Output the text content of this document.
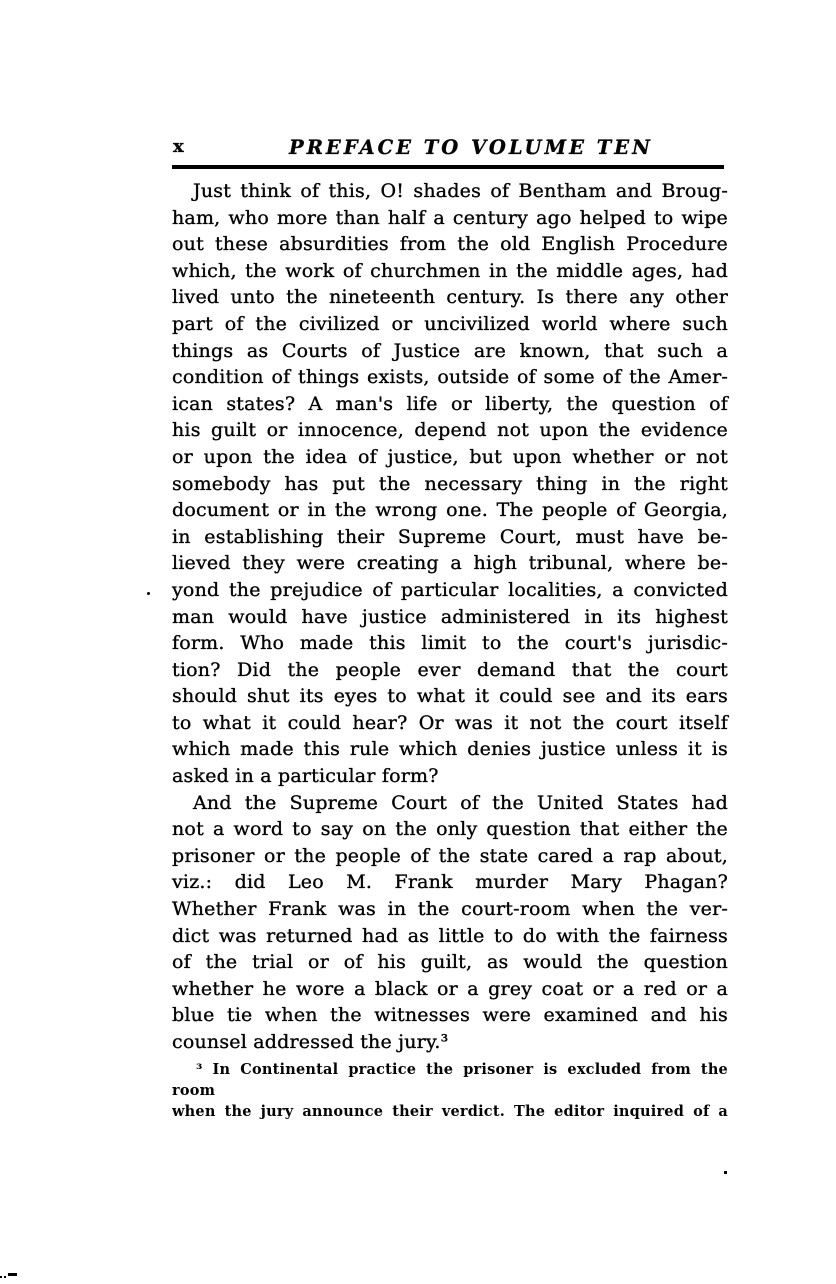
x	PREFACE TO VOLUME TEN
Just think of this, O! shades of Bentham and Broug-
ham, who more than half a century ago helped to wipe
out these absurdities from the old English Procedure
which, the work of churchmen in the middle ages, had
lived unto the nineteenth century. Is there any other
part of the civilized or uncivilized world where such
things as Courts of Justice are known, that such a
condition of things exists, outside of some of the Amer-
ican states? A man's life or liberty, the question of
his guilt or innocence, depend not upon the evidence
or upon the idea of justice, but upon whether or not
somebody has put the necessary thing in the right
document or in the wrong one. The people of Georgia,
in establishing their Supreme Court, must have be-
lieved they were creating a high tribunal, where be-
yond the prejudice of particular localities, a convicted
man would have justice administered in its highest
form. Who made this limit to the court's jurisdic-
tion? Did the people ever demand that the court
should shut its eyes to what it could see and its ears
to what it could hear? Or was it not the court itself
which made this rule which denies justice unless it is
asked in a particular form?
And the Supreme Court of the United States had
not a word to say on the only question that either the
prisoner or the people of the state cared a rap about,
viz.: did Leo M. Frank murder Mary Phagan?
Whether Frank was in the court-room when the ver-
dict was returned had as little to do with the fairness
of the trial or of his guilt, as would the question
whether he wore a black or a grey coat or a red or a
blue tie when the witnesses were examined and his
counsel addressed the jury.³
³ In Continental practice the prisoner is excluded from the room
when the jury announce their verdict. The editor inquired of a
